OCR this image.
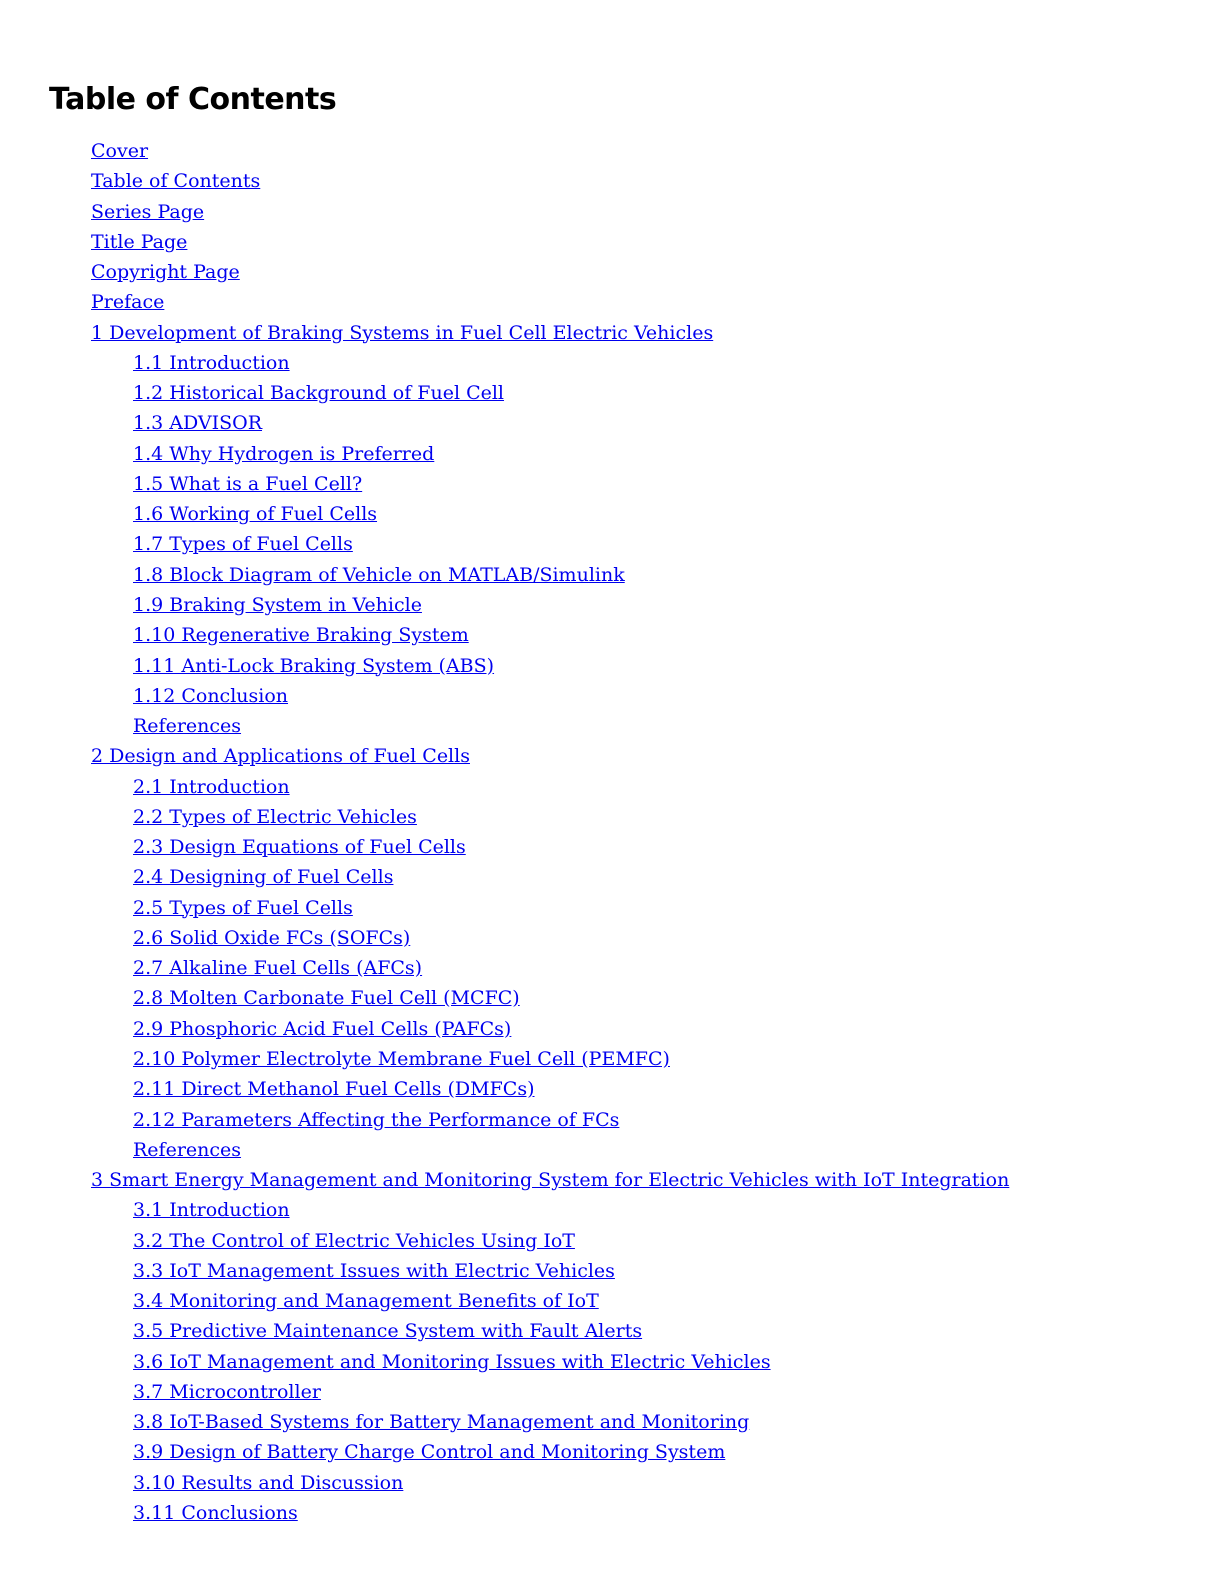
Table of Contents
Cover
Table of Contents
Series Page
Title Page
Copyright Page
Preface
1 Development of Braking Systems in Fuel Cell Electric Vehicles
1.1 Introduction
1.2 Historical Background of Fuel Cell
1.3 ADVISOR
1.4 Why Hydrogen is Preferred
1.5 What is a Fuel Cell?
1.6 Working of Fuel Cells
1.7 Types of Fuel Cells
1.8 Block Diagram of Vehicle on MATLAB/Simulink
1.9 Braking System in Vehicle
1.10 Regenerative Braking System
1.11 Anti-Lock Braking System (ABS)
1.12 Conclusion
References
2 Design and Applications of Fuel Cells
2.1 Introduction
2.2 Types of Electric Vehicles
2.3 Design Equations of Fuel Cells
2.4 Designing of Fuel Cells
2.5 Types of Fuel Cells
2.6 Solid Oxide FCs (SOFCs)
2.7 Alkaline Fuel Cells (AFCs)
2.8 Molten Carbonate Fuel Cell (MCFC)
2.9 Phosphoric Acid Fuel Cells (PAFCs)
2.10 Polymer Electrolyte Membrane Fuel Cell (PEMFC)
2.11 Direct Methanol Fuel Cells (DMFCs)
2.12 Parameters Affecting the Performance of FCs
References
3 Smart Energy Management and Monitoring System for Electric Vehicles with IoT Integration
3.1 Introduction
3.2 The Control of Electric Vehicles Using IoT
3.3 IoT Management Issues with Electric Vehicles
3.4 Monitoring and Management Benefits of IoT
3.5 Predictive Maintenance System with Fault Alerts
3.6 IoT Management and Monitoring Issues with Electric Vehicles
3.7 Microcontroller
3.8 IoT-Based Systems for Battery Management and Monitoring
3.9 Design of Battery Charge Control and Monitoring System
3.10 Results and Discussion
3.11 Conclusions
